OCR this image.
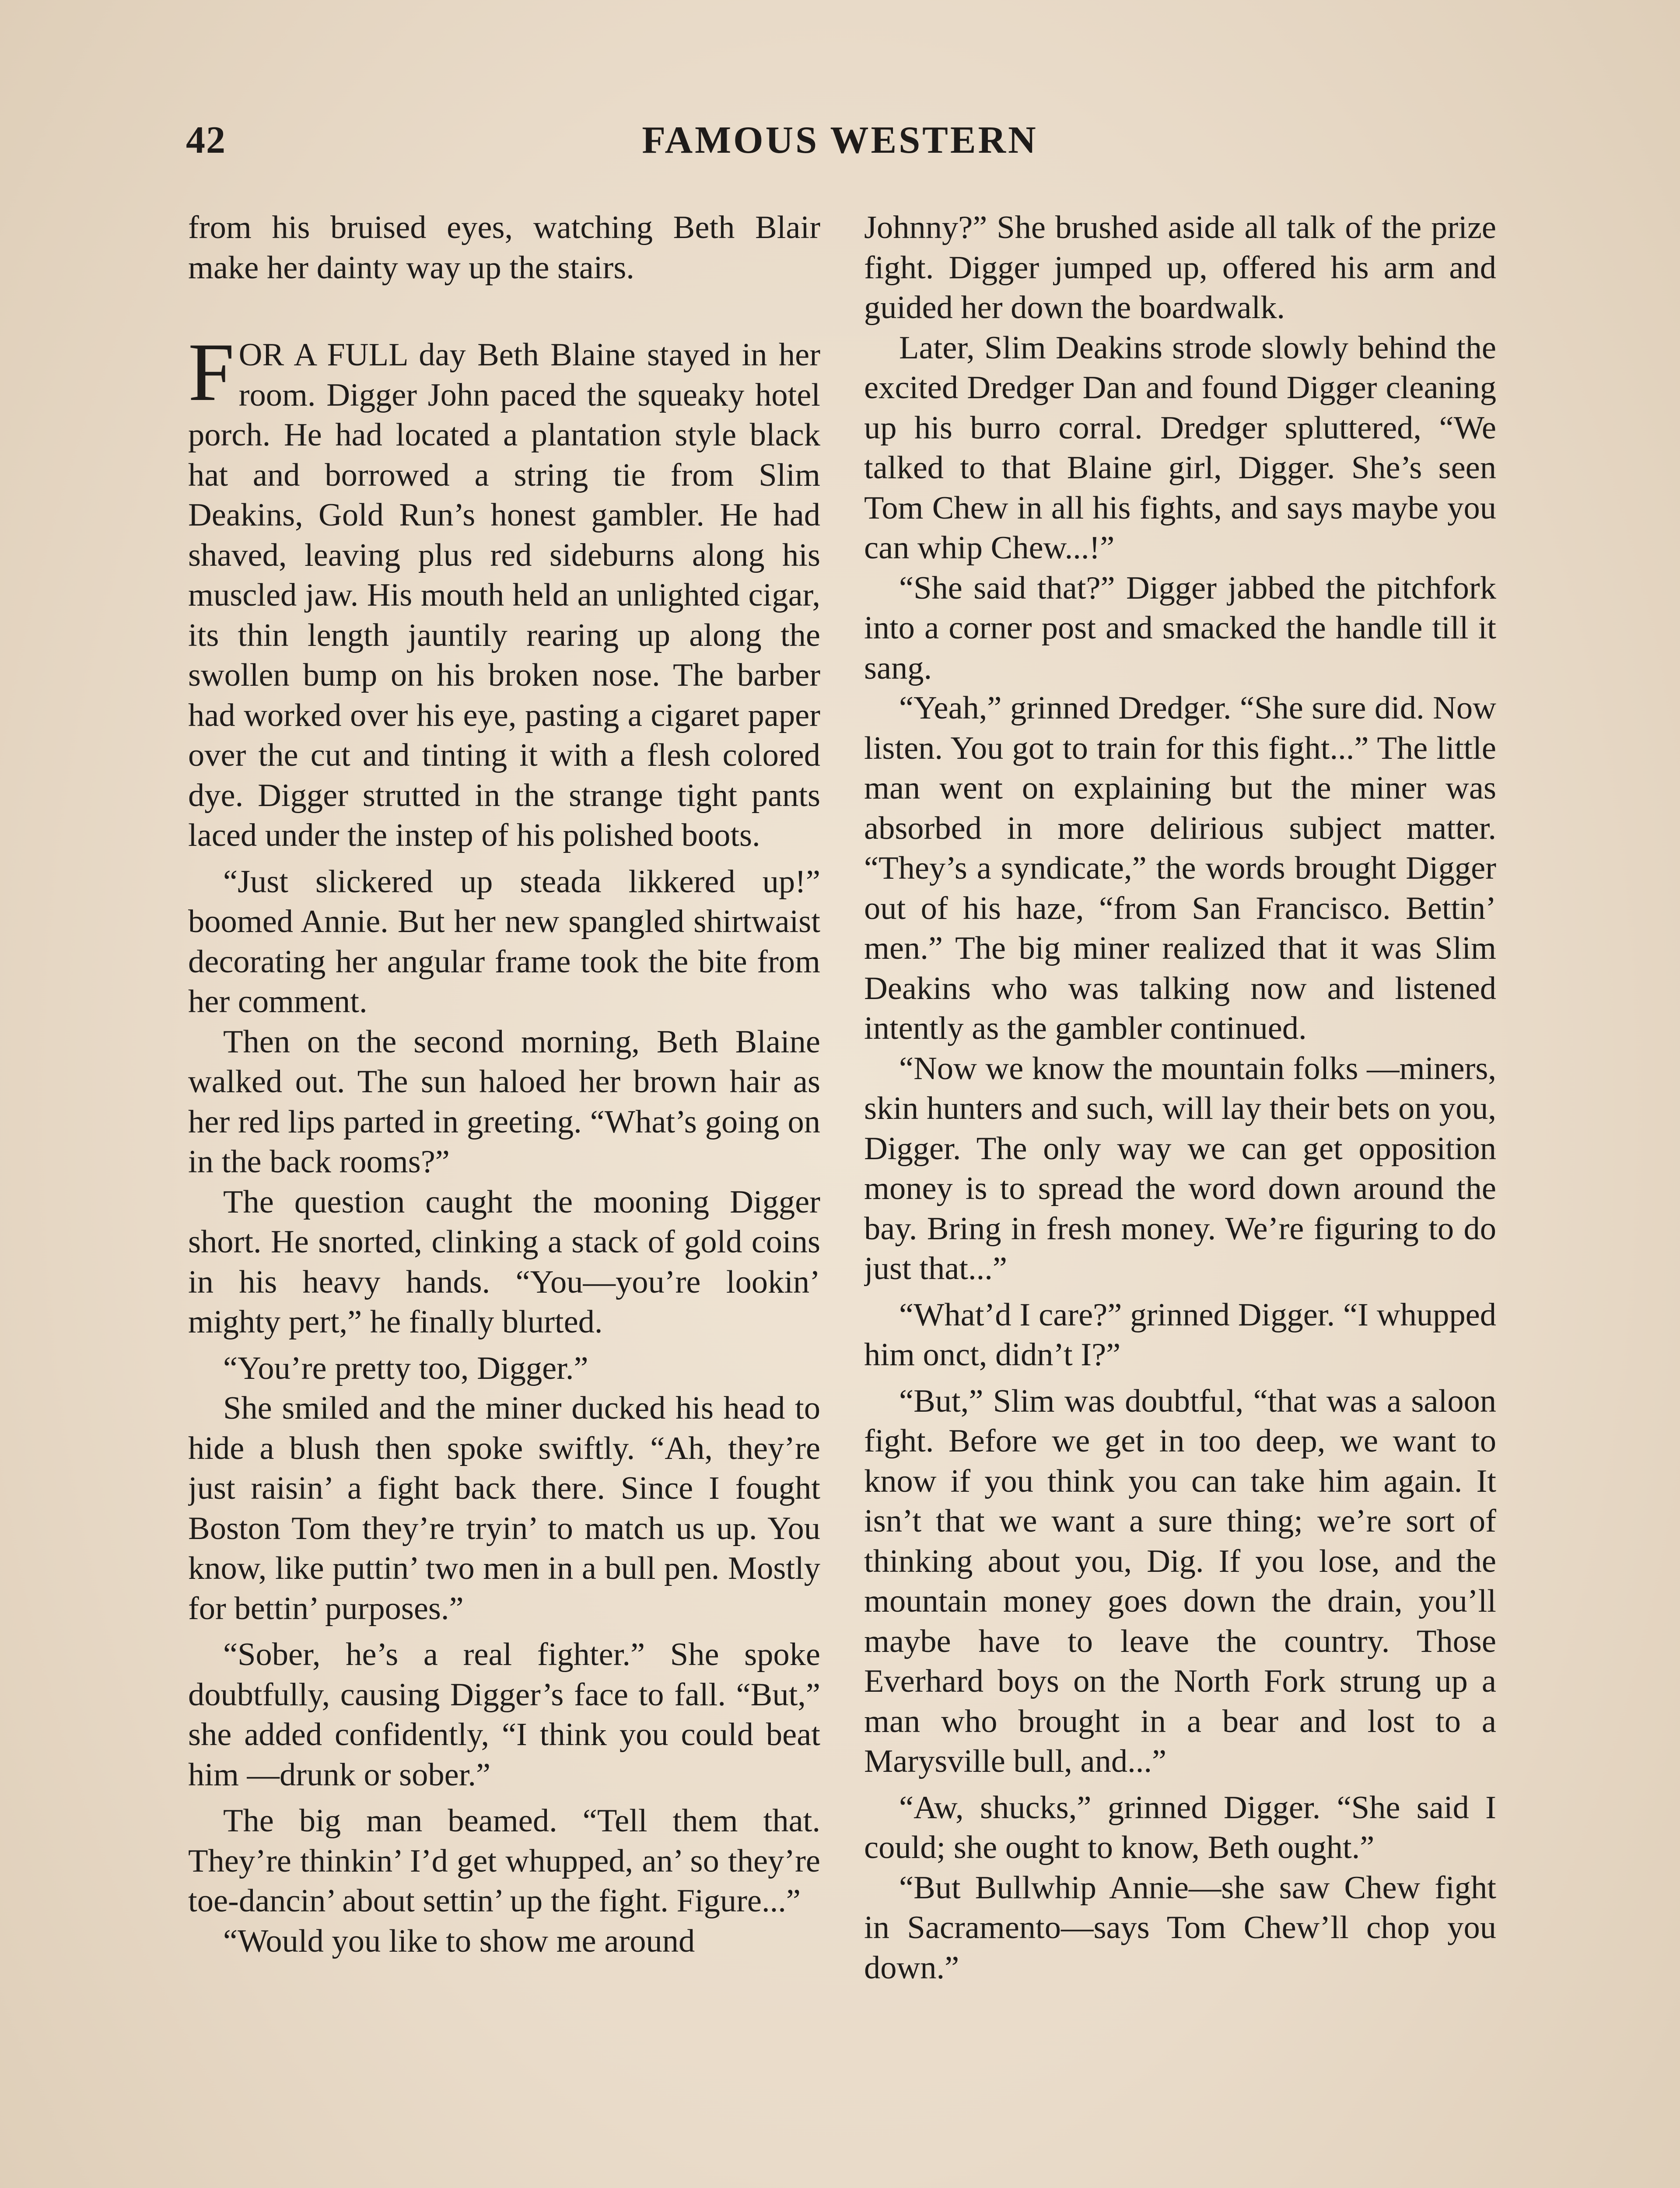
42	FAMOUS WESTERN

from his bruised eyes, watching Beth Blair make her dainty way up the stairs.

FOR A FULL day Beth Blaine stayed in her room. Digger John paced the squeaky hotel porch. He had located a plantation style black hat and borrowed a string tie from Slim Deakins, Gold Run’s honest gambler. He had shaved, leaving plus red sideburns along his muscled jaw. His mouth held an unlighted cigar, its thin length jauntily rearing up along the swollen bump on his broken nose. The barber had worked over his eye, pasting a cigaret paper over the cut and tinting it with a flesh colored dye. Digger strutted in the strange tight pants laced under the instep of his polished boots.

“Just slickered up steada likkered up!” boomed Annie. But her new spangled shirtwaist decorating her angular frame took the bite from her comment.

Then on the second morning, Beth Blaine walked out. The sun haloed her brown hair as her red lips parted in greeting. “What’s going on in the back rooms?”

The question caught the mooning Digger short. He snorted, clinking a stack of gold coins in his heavy hands. “You—you’re lookin’ mighty pert,” he finally blurted.

“You’re pretty too, Digger.”

She smiled and the miner ducked his head to hide a blush then spoke swiftly. “Ah, they’re just raisin’ a fight back there. Since I fought Boston Tom they’re tryin’ to match us up. You know, like puttin’ two men in a bull pen. Mostly for bettin’ purposes.”

“Sober, he’s a real fighter.” She spoke doubtfully, causing Digger’s face to fall. “But,” she added confidently, “I think you could beat him —drunk or sober.”

The big man beamed. “Tell them that. They’re thinkin’ I’d get whupped, an’ so they’re toe-dancin’ about settin’ up the fight. Figure...”

“Would you like to show me around

Johnny?” She brushed aside all talk of the prize fight. Digger jumped up, offered his arm and guided her down the boardwalk.

Later, Slim Deakins strode slowly behind the excited Dredger Dan and found Digger cleaning up his burro corral. Dredger spluttered, “We talked to that Blaine girl, Digger. She’s seen Tom Chew in all his fights, and says maybe you can whip Chew...!”

“She said that?” Digger jabbed the pitchfork into a corner post and smacked the handle till it sang.

“Yeah,” grinned Dredger. “She sure did. Now listen. You got to train for this fight...” The little man went on explaining but the miner was absorbed in more delirious subject matter. “They’s a syndicate,” the words brought Digger out of his haze, “from San Francisco. Bettin’ men.” The big miner realized that it was Slim Deakins who was talking now and listened intently as the gambler continued.

“Now we know the mountain folks —miners, skin hunters and such, will lay their bets on you, Digger. The only way we can get opposition money is to spread the word down around the bay. Bring in fresh money. We’re figuring to do just that...”

“What’d I care?” grinned Digger. “I whupped him onct, didn’t I?”

“But,” Slim was doubtful, “that was a saloon fight. Before we get in too deep, we want to know if you think you can take him again. It isn’t that we want a sure thing; we’re sort of thinking about you, Dig. If you lose, and the mountain money goes down the drain, you’ll maybe have to leave the country. Those Everhard boys on the North Fork strung up a man who brought in a bear and lost to a Marysville bull, and...”

“Aw, shucks,” grinned Digger. “She said I could; she ought to know, Beth ought.”

“But Bullwhip Annie—she saw Chew fight in Sacramento—says Tom Chew’ll chop you down.”
